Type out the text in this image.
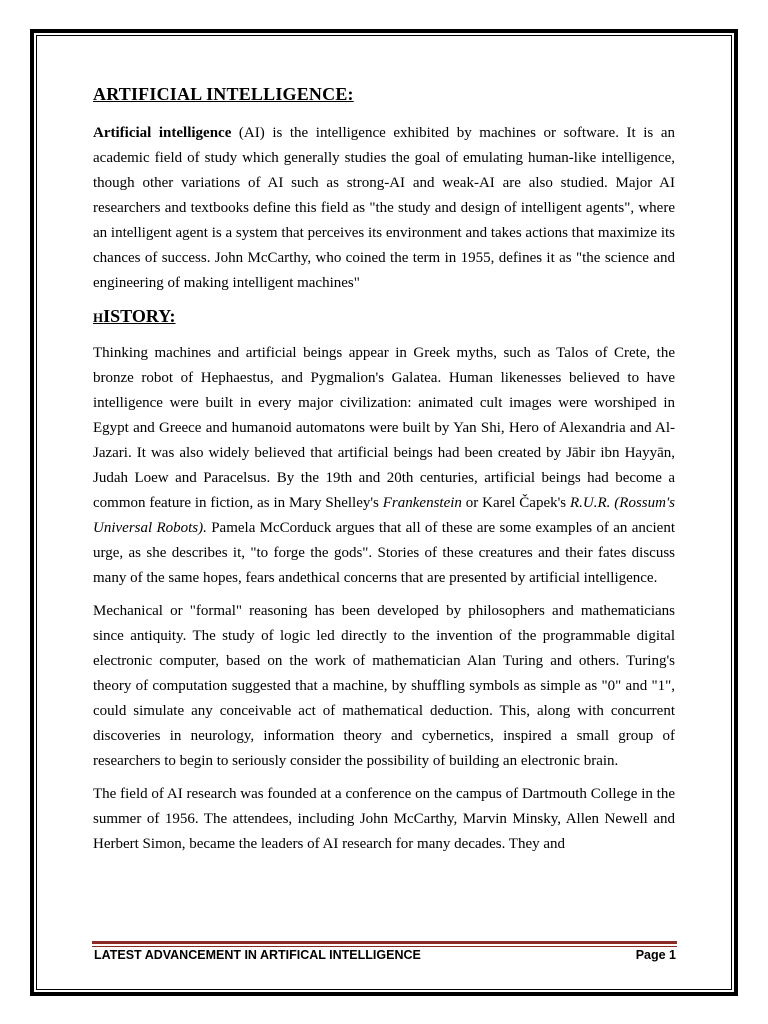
ARTIFICIAL INTELLIGENCE:

Artificial intelligence (AI) is the intelligence exhibited by machines or software. It is an academic field of study which generally studies the goal of emulating human-like intelligence, though other variations of AI such as strong-AI and weak-AI are also studied. Major AI researchers and textbooks define this field as "the study and design of intelligent agents", where an intelligent agent is a system that perceives its environment and takes actions that maximize its chances of success. John McCarthy, who coined the term in 1955, defines it as "the science and engineering of making intelligent machines"

HISTORY:

Thinking machines and artificial beings appear in Greek myths, such as Talos of Crete, the bronze robot of Hephaestus, and Pygmalion's Galatea. Human likenesses believed to have intelligence were built in every major civilization: animated cult images were worshiped in Egypt and Greece and humanoid automatons were built by Yan Shi, Hero of Alexandria and Al-Jazari. It was also widely believed that artificial beings had been created by Jābir ibn Hayyān, Judah Loew and Paracelsus. By the 19th and 20th centuries, artificial beings had become a common feature in fiction, as in Mary Shelley's Frankenstein or Karel Čapek's R.U.R. (Rossum's Universal Robots). Pamela McCorduck argues that all of these are some examples of an ancient urge, as she describes it, "to forge the gods". Stories of these creatures and their fates discuss many of the same hopes, fears andethical concerns that are presented by artificial intelligence.

Mechanical or "formal" reasoning has been developed by philosophers and mathematicians since antiquity. The study of logic led directly to the invention of the programmable digital electronic computer, based on the work of mathematician Alan Turing and others. Turing's theory of computation suggested that a machine, by shuffling symbols as simple as "0" and "1", could simulate any conceivable act of mathematical deduction. This, along with concurrent discoveries in neurology, information theory and cybernetics, inspired a small group of researchers to begin to seriously consider the possibility of building an electronic brain.

The field of AI research was founded at a conference on the campus of Dartmouth College in the summer of 1956. The attendees, including John McCarthy, Marvin Minsky, Allen Newell and Herbert Simon, became the leaders of AI research for many decades. They and

LATEST ADVANCEMENT IN ARTIFICAL INTELLIGENCE	Page 1
